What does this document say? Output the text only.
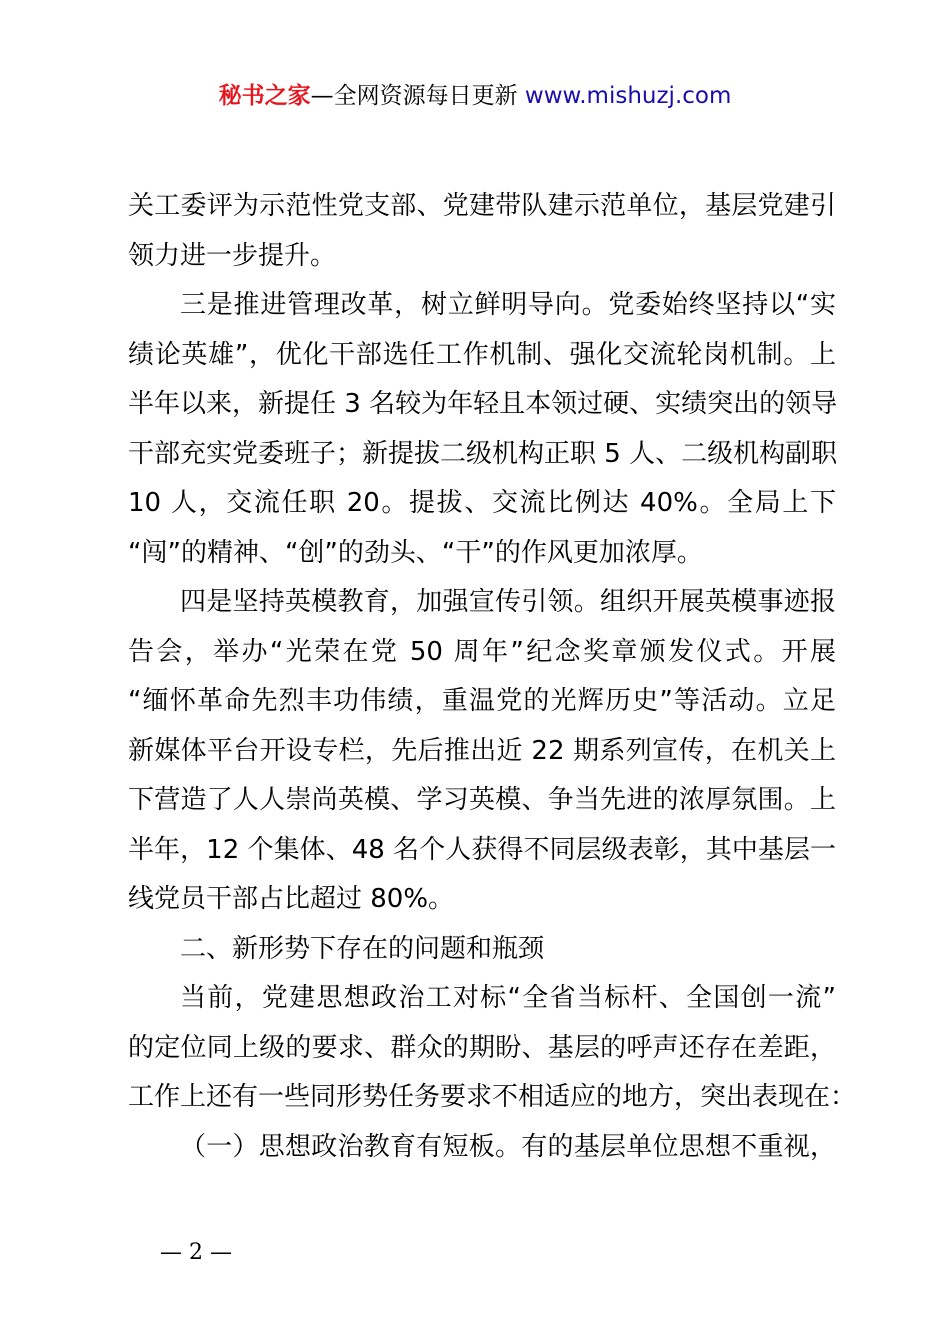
秘书之家—全网资源每日更新 www.mishuzj.com
关工委评为示范性党支部、党建带队建示范单位，基层党建引
领力进一步提升。
三是推进管理改革，树立鲜明导向。党委始终坚持以“实
绩论英雄”，优化干部选任工作机制、强化交流轮岗机制。上
半年以来，新提任 3 名较为年轻且本领过硬、实绩突出的领导
干部充实党委班子；新提拔二级机构正职 5 人、二级机构副职
10 人，交流任职 20。提拔、交流比例达 40%。全局上下
“闯”的精神、“创”的劲头、“干”的作风更加浓厚。
四是坚持英模教育，加强宣传引领。组织开展英模事迹报
告会，举办“光荣在党 50 周年”纪念奖章颁发仪式。开展
“缅怀革命先烈丰功伟绩，重温党的光辉历史”等活动。立足
新媒体平台开设专栏，先后推出近 22 期系列宣传，在机关上
下营造了人人崇尚英模、学习英模、争当先进的浓厚氛围。上
半年，12 个集体、48 名个人获得不同层级表彰，其中基层一
线党员干部占比超过 80%。
二、新形势下存在的问题和瓶颈
当前，党建思想政治工对标“全省当标杆、全国创一流”
的定位同上级的要求、群众的期盼、基层的呼声还存在差距，
工作上还有一些同形势任务要求不相适应的地方，突出表现在：
（一）思想政治教育有短板。有的基层单位思想不重视，
— 2 —
